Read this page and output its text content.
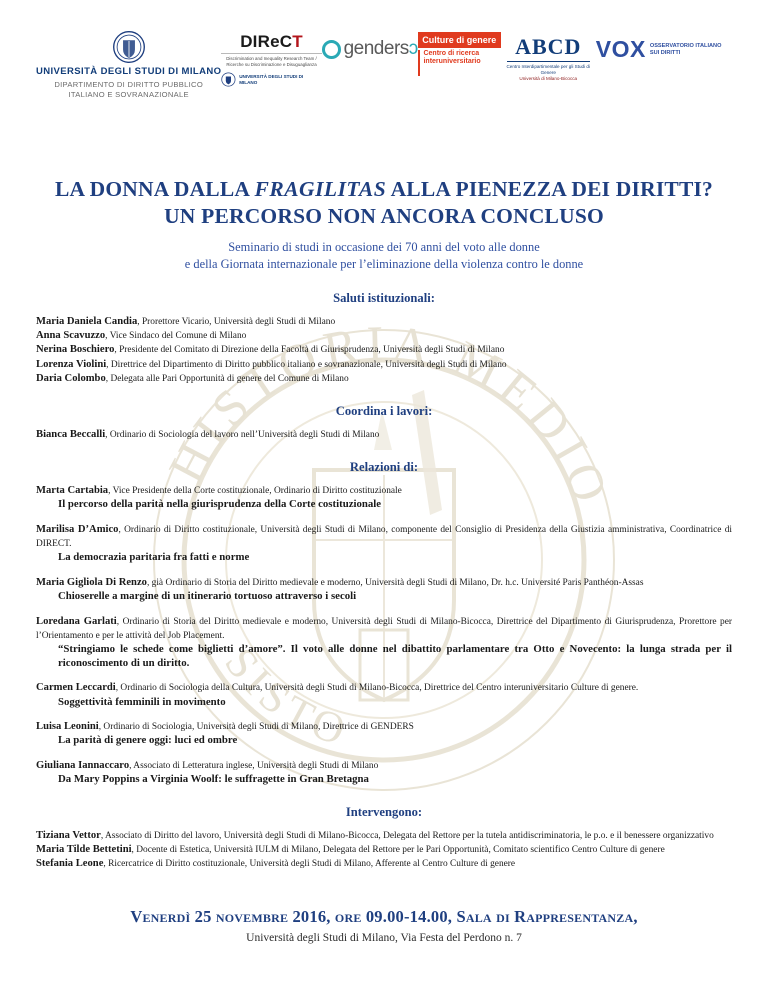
HISTORIA MEDIO
SISTO
UNIVERSITÀ DEGLI STUDI DI MILANO
DIPARTIMENTO DI DIRITTO PUBBLICO ITALIANO E SOVRANAZIONALE
DIReCT
Discrimination and Inequality Research Team / Ricerche su Discriminazione e Disuguaglianza
UNIVERSITÀ DEGLI STUDI DI MILANO
gendersɔ Culture di genere
Centro di ricerca interuniversitario
ABCD
Centro Interdipartimentale per gli Studi di Genere
Università di Milano-Bicocca
VOX OSSERVATORIO ITALIANO SUI DIRITTI
LA DONNA DALLA FRAGILITAS ALLA PIENEZZA DEI DIRITTI?
UN PERCORSO NON ANCORA CONCLUSO
Seminario di studi in occasione dei 70 anni del voto alle donne
e della Giornata internazionale per l’eliminazione della violenza contro le donne
Saluti istituzionali:
Maria Daniela Candia, Prorettore Vicario, Università degli Studi di Milano
Anna Scavuzzo, Vice Sindaco del Comune di Milano
Nerina Boschiero, Presidente del Comitato di Direzione della Facoltà di Giurisprudenza, Università degli Studi di Milano
Lorenza Violini, Direttrice del Dipartimento di Diritto pubblico italiano e sovranazionale, Università degli Studi di Milano
Daria Colombo, Delegata alle Pari Opportunità di genere del Comune di Milano
Coordina i lavori:
Bianca Beccalli, Ordinario di Sociologia del lavoro nell’Università degli Studi di Milano
Relazioni di:
Marta Cartabia, Vice Presidente della Corte costituzionale, Ordinario di Diritto costituzionale
Il percorso della parità nella giurisprudenza della Corte costituzionale
Marilisa D’Amico, Ordinario di Diritto costituzionale, Università degli Studi di Milano, componente del Consiglio di Presidenza della Giustizia amministrativa, Coordinatrice di DIRECT.
La democrazia paritaria fra fatti e norme
Maria Gigliola Di Renzo, già Ordinario di Storia del Diritto medievale e moderno, Università degli Studi di Milano, Dr. h.c. Université Paris Panthéon-Assas
Chioserelle a margine di un itinerario tortuoso attraverso i secoli
Loredana Garlati, Ordinario di Storia del Diritto medievale e moderno, Università degli Studi di Milano-Bicocca, Direttrice del Dipartimento di Giurisprudenza, Prorettore per l’Orientamento e per le attività del Job Placement.
“Stringiamo le schede come biglietti d’amore”. Il voto alle donne nel dibattito parlamentare tra Otto e Novecento: la lunga strada per il riconoscimento di un diritto.
Carmen Leccardi, Ordinario di Sociologia della Cultura, Università degli Studi di Milano-Bicocca, Direttrice del Centro interuniversitario Culture di genere.
Soggettività femminili in movimento
Luisa Leonini, Ordinario di Sociologia, Università degli Studi di Milano, Direttrice di GENDERS
La parità di genere oggi: luci ed ombre
Giuliana Iannaccaro, Associato di Letteratura inglese, Università degli Studi di Milano
Da Mary Poppins a Virginia Woolf: le suffragette in Gran Bretagna
Intervengono:
Tiziana Vettor, Associato di Diritto del lavoro, Università degli Studi di Milano-Bicocca, Delegata del Rettore per la tutela antidiscriminatoria, le p.o. e il benessere organizzativo
Maria Tilde Bettetini, Docente di Estetica, Università IULM di Milano, Delegata del Rettore per le Pari Opportunità, Comitato scientifico Centro Culture di genere
Stefania Leone, Ricercatrice di Diritto costituzionale, Università degli Studi di Milano, Afferente al Centro Culture di genere
Venerdì 25 novembre 2016, ore 09.00-14.00, Sala di Rappresentanza,
Università degli Studi di Milano, Via Festa del Perdono n. 7
